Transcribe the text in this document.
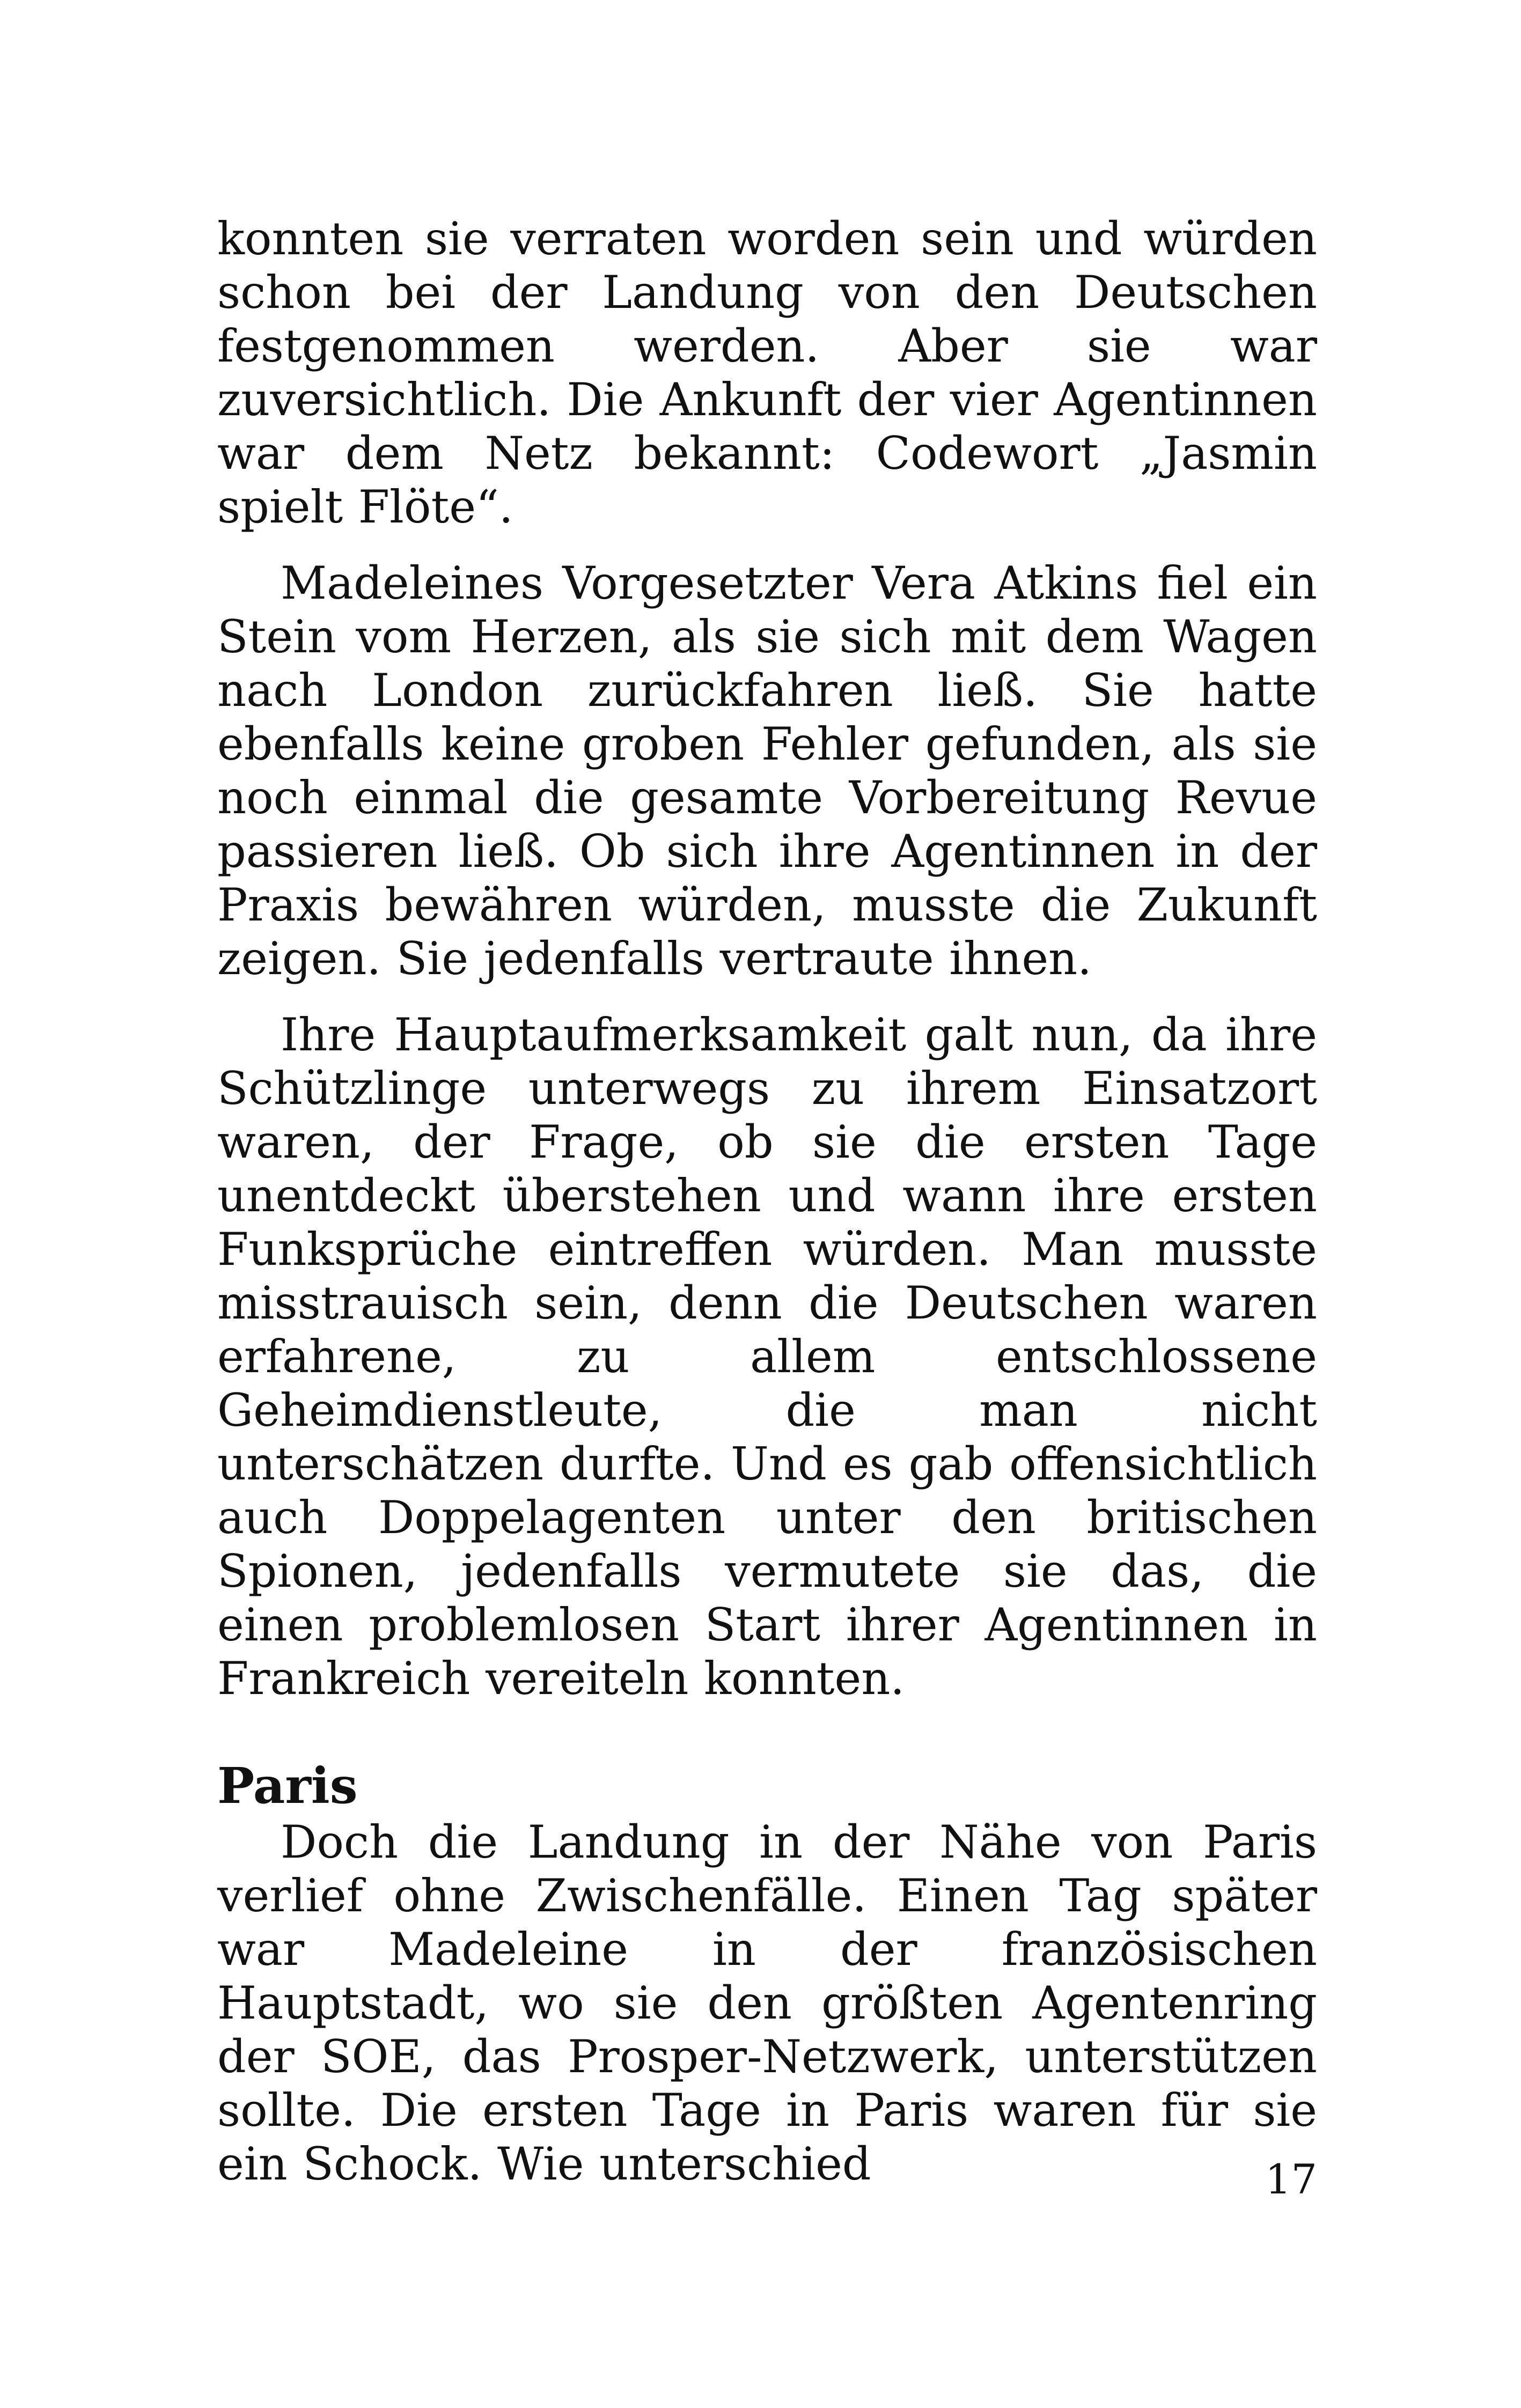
konnten sie verraten worden sein und würden schon bei der Landung von den Deutschen festgenommen werden. Aber sie war zuversichtlich. Die Ankunft der vier Agentinnen war dem Netz bekannt: Codewort „Jasmin spielt Flöte“.

Madeleines Vorgesetzter Vera Atkins fiel ein Stein vom Herzen, als sie sich mit dem Wagen nach London zurückfahren ließ. Sie hatte ebenfalls keine groben Fehler gefunden, als sie noch einmal die gesamte Vorbereitung Revue passieren ließ. Ob sich ihre Agentinnen in der Praxis bewähren würden, musste die Zukunft zeigen. Sie jedenfalls vertraute ihnen.

Ihre Hauptaufmerksamkeit galt nun, da ihre Schützlinge unterwegs zu ihrem Einsatzort waren, der Frage, ob sie die ersten Tage unentdeckt überstehen und wann ihre ersten Funksprüche eintreffen würden. Man musste misstrauisch sein, denn die Deutschen waren erfahrene, zu allem entschlossene Geheimdienstleute, die man nicht unterschätzen durfte. Und es gab offensichtlich auch Doppelagenten unter den britischen Spionen, jedenfalls vermutete sie das, die einen problemlosen Start ihrer Agentinnen in Frankreich vereiteln konnten.

Paris

Doch die Landung in der Nähe von Paris verlief ohne Zwischenfälle. Einen Tag später war Madeleine in der französischen Hauptstadt, wo sie den größten Agentenring der SOE, das Prosper-Netzwerk, unterstützen sollte. Die ersten Tage in Paris waren für sie ein Schock. Wie unterschied	17
